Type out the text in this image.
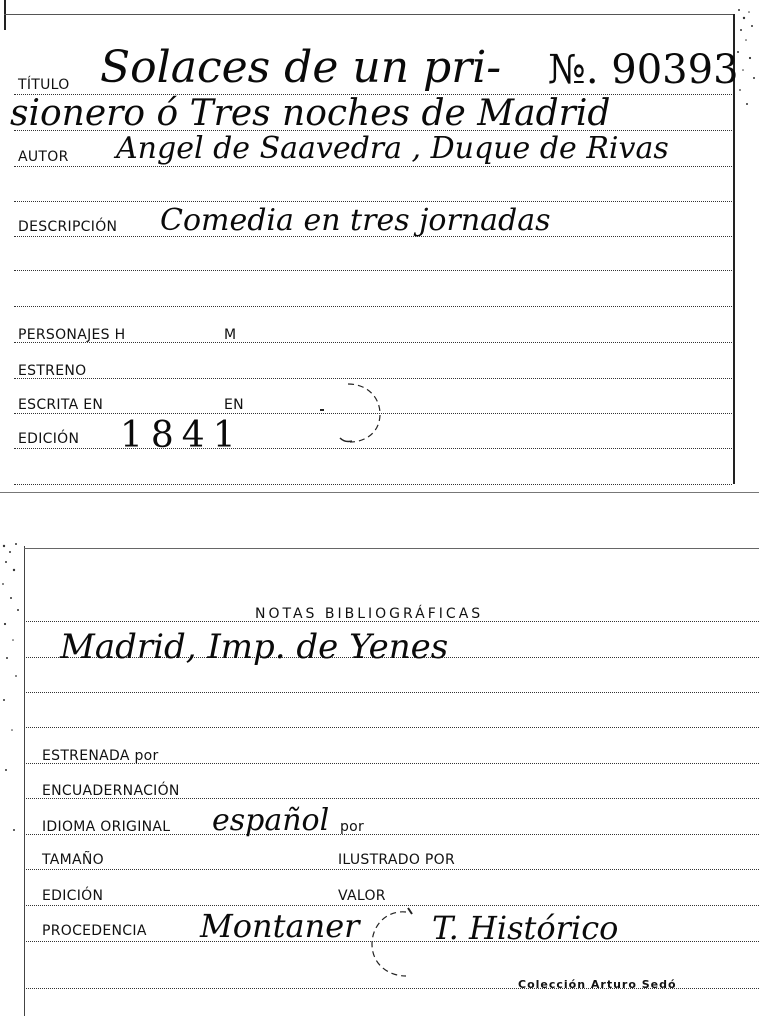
TÍTULO Solaces de un pri- №. 90393
sionero ó Tres noches de Madrid
AUTOR Angel de Saavedra , Duque de Rivas
DESCRIPCIÓN Comedia en tres jornadas
PERSONAJES H	M
ESTRENO
ESCRITA EN	EN
EDICIÓN 1841
NOTAS BIBLIOGRÁFICAS
Madrid, Imp. de Yenes
ESTRENADA por
ENCUADERNACIÓN
IDIOMA ORIGINAL español por
TAMAÑO	ILUSTRADO POR
EDICIÓN	VALOR
PROCEDENCIA Montaner T. Histórico
Colección Arturo Sedó
